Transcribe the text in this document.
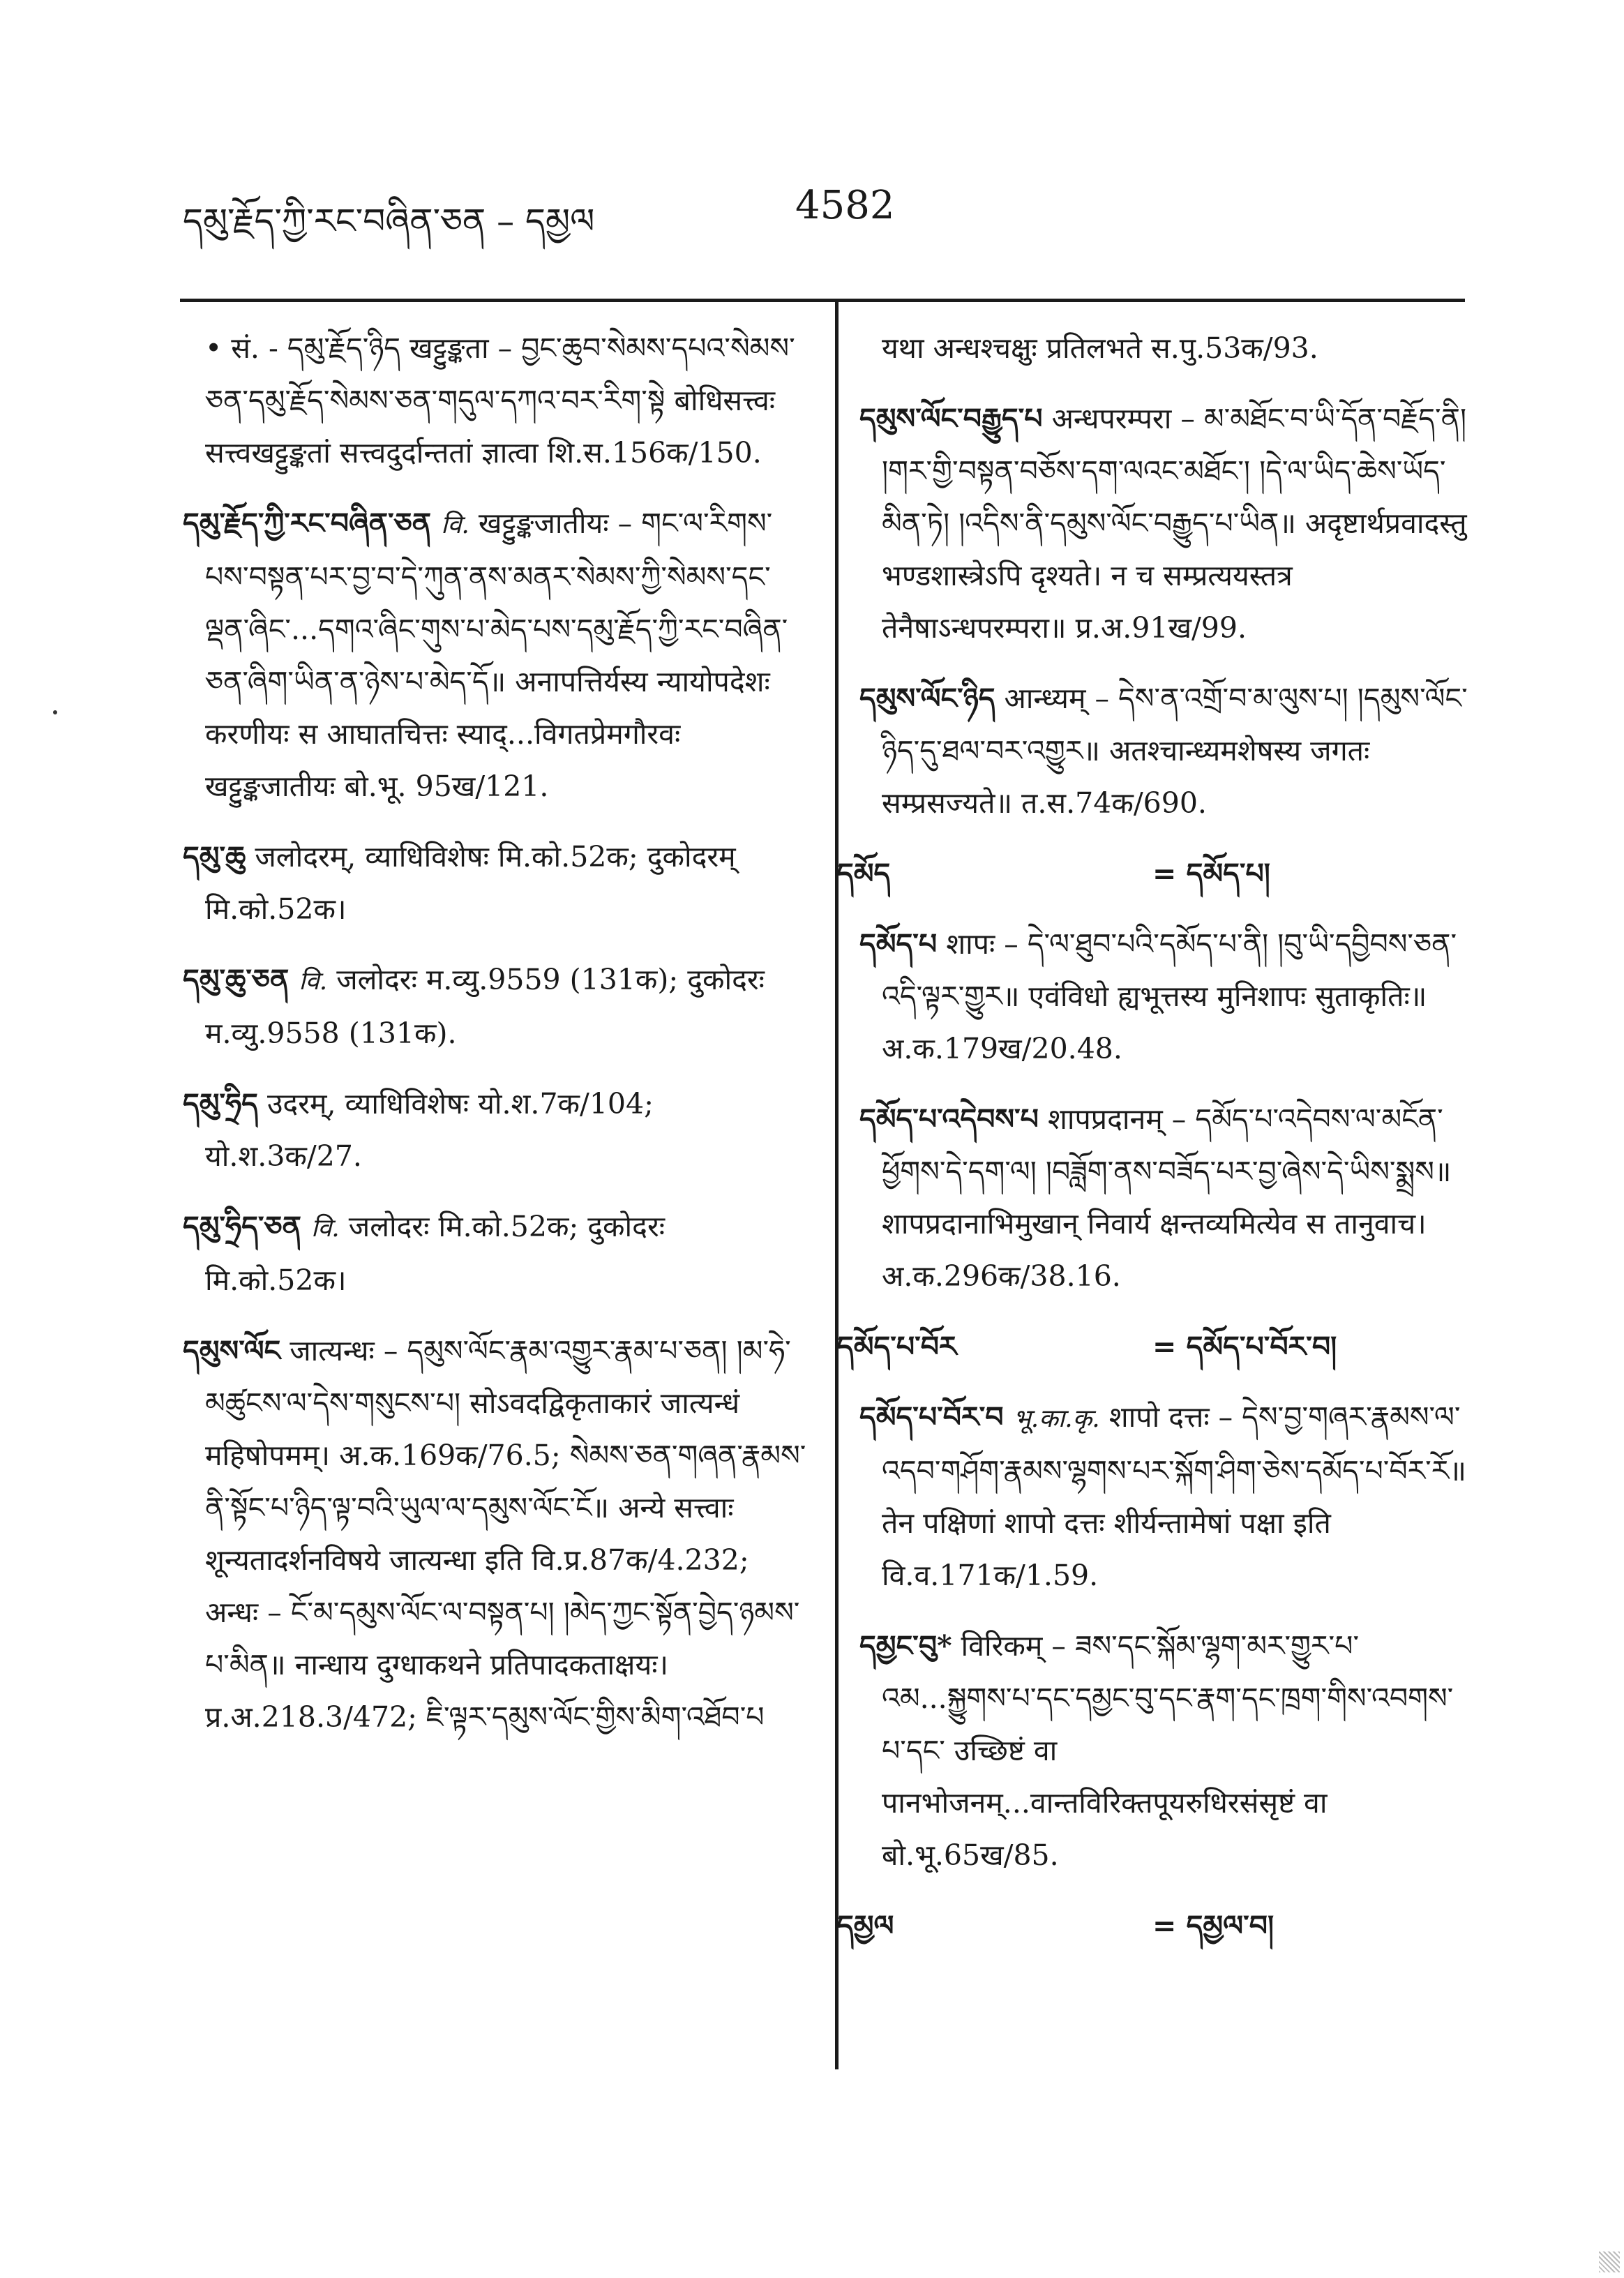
དམུ་རྗོད་ཀྱི་རང་བཞིན་ཅན – དམྱལ	4582
• सं. - དམུ་རྗོད་ཉིད खट्टुङ्कता – བྱང་ཆུབ་སེམས་དཔའ་སེམས་ཅན་དམུ་རྗོད་སེམས་ཅན་གདུལ་དཀའ་བར་རིག་སྟེ बोधिसत्त्वः सत्त्वखट्टुङ्कतां सत्त्वदुर्दान्ततां ज्ञात्वा शि.स.156क/150.
དམུ་རྗོད་ཀྱི་རང་བཞིན་ཅན वि. खट्टुङ्कजातीयः – གང་ལ་རིགས་པས་བསྟན་པར་བྱ་བ་དེ་ཀུན་ནས་མནར་སེམས་ཀྱི་སེམས་དང་ལྡན་ཞིང་...དགའ་ཞིང་གུས་པ་མེད་པས་དམུ་རྗོད་ཀྱི་རང་བཞིན་ཅན་ཞིག་ཡིན་ན་ཉེས་པ་མེད་དོ॥ अनापत्तिर्यस्य न्यायोपदेशः करणीयः स आघातचित्तः स्याद्...विगतप्रेमगौरवः खट्टुङ्कजातीयः बो.भू. 95ख/121.
དམུ་ཆུ जलोदरम्, व्याधिविशेषः मि.को.52क; दुकोदरम् मि.को.52क।
དམུ་ཆུ་ཅན वि. जलोदरः म.व्यु.9559 (131क); दुकोदरः म.व्यु.9558 (131क).
དམུ་ཧྲིད उदरम्, व्याधिविशेषः यो.श.7क/104; यो.श.3क/27.
དམུ་ཧྲིད་ཅན वि. जलोदरः मि.को.52क; दुकोदरः मि.को.52क।
དམུས་ལོང जात्यन्धः – དམུས་ལོང་རྣམ་འགྱུར་རྣམ་པ་ཅན། །མ་ཧེ་མཚུངས་ལ་དེས་གསུངས་པ། सोऽवदद्विकृताकारं जात्यन्धं महिषोपमम्। अ.क.169क/76.5; སེམས་ཅན་གཞན་རྣམས་ནི་སྟོང་པ་ཉིད་ལྟ་བའི་ཡུལ་ལ་དམུས་ལོང་ངོ॥ अन्ये सत्त्वाः शून्यतादर्शनविषये जात्यन्धा इति वि.प्र.87क/4.232; अन्धः – ངོ་མ་དམུས་ལོང་ལ་བསྟན་པ། །མེད་ཀྱང་སྟོན་བྱེད་ཉམས་པ་མིན॥ नान्धाय दुग्धाकथने प्रतिपादकताक्षयः। प्र.अ.218.3/472; ཇི་ལྟར་དམུས་ལོང་གྱིས་མིག་འཐོབ་པ
यथा अन्धश्चक्षुः प्रतिलभते स.पु.53क/93.
དམུས་ལོང་བརྒྱུད་པ अन्धपरम्परा – མ་མཐོང་བ་ཡི་དོན་བརྗོད་ནི། །གར་གྱི་བསྟན་བཅོས་དག་ལའང་མཐོང་། །དེ་ལ་ཡིད་ཆེས་ཡོད་མིན་ཏེ། །འདིས་ནི་དམུས་ལོང་བརྒྱུད་པ་ཡིན॥ अदृष्टार्थप्रवादस्तु भण्डशास्त्रेऽपि दृश्यते। न च सम्प्रत्ययस्तत्र तेनैषाऽन्धपरम्परा॥ प्र.अ.91ख/99.
དམུས་ལོང་ཉིད आन्ध्यम् – དེས་ན་འགྲོ་བ་མ་ལུས་པ། །དམུས་ལོང་ཉིད་དུ་ཐལ་བར་འགྱུར॥ अतश्चान्ध्यमशेषस्य जगतः सम्प्रसज्यते॥ त.स.74क/690.
དམོད	= དམོད་པ།
དམོད་པ शापः – དེ་ལ་ཐུབ་པའི་དམོད་པ་ནི། །བུ་ཡི་དབྱིབས་ཅན་འདི་ལྟར་གྱུར॥ एवंविधो ह्यभूत्तस्य मुनिशापः सुताकृतिः॥ अ.क.179ख/20.48.
དམོད་པ་འདེབས་པ शापप्रदानम् – དམོད་པ་འདེབས་ལ་མངོན་ཕྱོགས་དེ་དག་ལ། །བཟློག་ནས་བཟོད་པར་བྱ་ཞེས་དེ་ཡིས་སྨྲས॥ शापप्रदानाभिमुखान् निवार्य क्षन्तव्यमित्येव स तानुवाच। अ.क.296क/38.16.
དམོད་པ་བོར	= དམོད་པ་བོར་བ།
དམོད་པ་བོར་བ भू.का.कृ. शापो दत्तः – དེས་བྱ་གཞར་རྣམས་ལ་འདབ་གཤོག་རྣམས་ལྷགས་པར་སྐོག་ཤིག་ཅེས་དམོད་པ་བོར་རོ॥ तेन पक्षिणां शापो दत्तः शीर्यन्तामेषां पक्षा इति वि.व.171क/1.59.
དམྱང་བུ* विरिकम् – ཟས་དང་སྐོམ་ལྷག་མར་གྱུར་པ་འམ...སྐྱུགས་པ་དང་དམྱང་བུ་དང་རྣག་དང་ཁྲག་གིས་འབགས་པ་དང་ उच्छिष्टं वा पानभोजनम्...वान्तविरिक्तपूयरुधिरसंसृष्टं वा बो.भू.65ख/85.
དམྱལ	= དམྱལ་བ།
